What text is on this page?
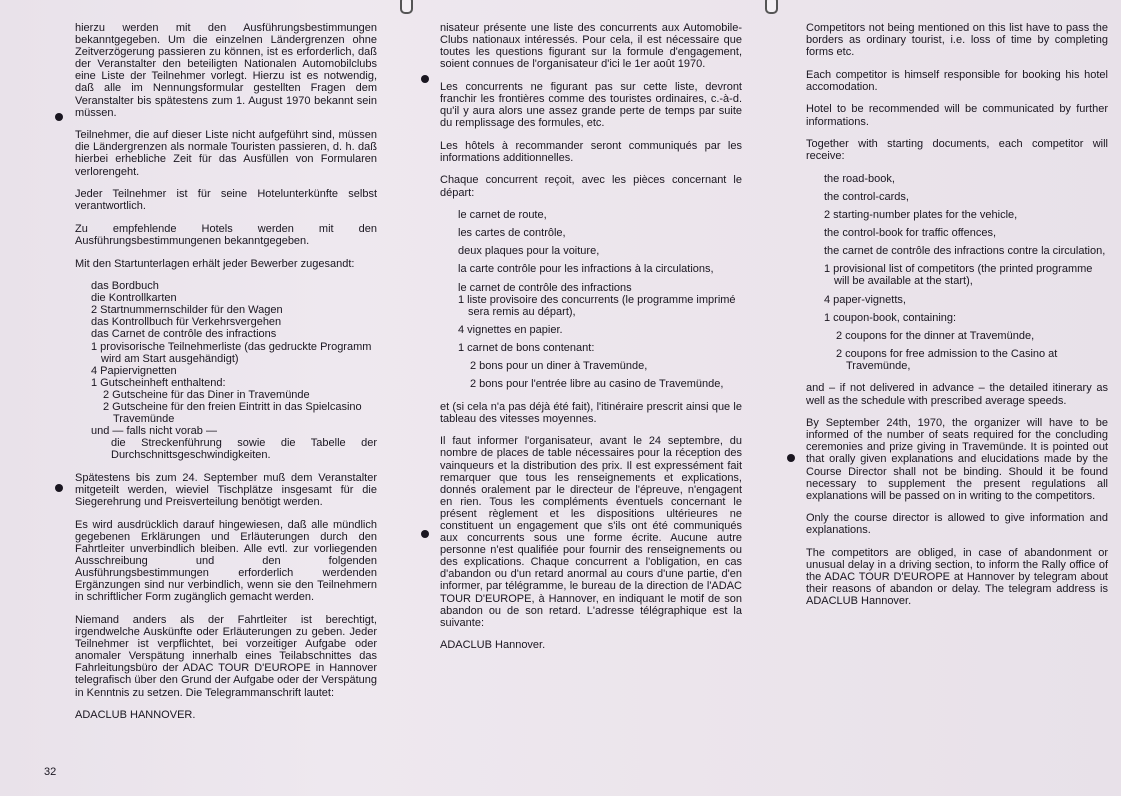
hierzu werden mit den Ausführungsbestimmungen bekanntgegeben. Um die einzelnen Ländergrenzen ohne Zeitverzögerung passieren zu können, ist es erforderlich, daß der Veranstalter den beteiligten Nationalen Automobilclubs eine Liste der Teilnehmer vorlegt. Hierzu ist es notwendig, daß alle im Nennungsformular gestellten Fragen dem Veranstalter bis spätestens zum 1. August 1970 bekannt sein müssen.

Teilnehmer, die auf dieser Liste nicht aufgeführt sind, müssen die Ländergrenzen als normale Touristen passieren, d. h. daß hierbei erhebliche Zeit für das Ausfüllen von Formularen verlorengeht.

Jeder Teilnehmer ist für seine Hotelunterkünfte selbst verantwortlich.

Zu empfehlende Hotels werden mit den Ausführungsbestimmungenen bekanntgegeben.

Mit den Startunterlagen erhält jeder Bewerber zugesandt:

das Bordbuch
die Kontrollkarten
2 Startnummernschilder für den Wagen
das Kontrollbuch für Verkehrsvergehen
das Carnet de contrôle des infractions
1 provisorische Teilnehmerliste (das gedruckte Programm wird am Start ausgehändigt)
4 Papiervignetten
1 Gutscheinheft enthaltend:
2 Gutscheine für das Diner in Travemünde
2 Gutscheine für den freien Eintritt in das Spielcasino Travemünde
und — falls nicht vorab —
die Streckenführung sowie die Tabelle der Durchschnittsgeschwindigkeiten.

Spätestens bis zum 24. September muß dem Veranstalter mitgeteilt werden, wieviel Tischplätze insgesamt für die Siegerehrung und Preisverteilung benötigt werden.

Es wird ausdrücklich darauf hingewiesen, daß alle mündlich gegebenen Erklärungen und Erläuterungen durch den Fahrtleiter unverbindlich bleiben. Alle evtl. zur vorliegenden Ausschreibung und den folgenden Ausführungsbestimmungen erforderlich werdenden Ergänzungen sind nur verbindlich, wenn sie den Teilnehmern in schriftlicher Form zugänglich gemacht werden.

Niemand anders als der Fahrtleiter ist berechtigt, irgendwelche Auskünfte oder Erläuterungen zu geben. Jeder Teilnehmer ist verpflichtet, bei vorzeitiger Aufgabe oder anomaler Verspätung innerhalb eines Teilabschnittes das Fahrleitungsbüro der ADAC TOUR D'EUROPE in Hannover telegrafisch über den Grund der Aufgabe oder der Verspätung in Kenntnis zu setzen. Die Telegrammanschrift lautet:

ADACLUB HANNOVER.

nisateur présente une liste des concurrents aux Automobile-Clubs nationaux intéressés. Pour cela, il est nécessaire que toutes les questions figurant sur la formule d'engagement, soient connues de l'organisateur d'ici le 1er août 1970.

Les concurrents ne figurant pas sur cette liste, devront franchir les frontières comme des touristes ordinaires, c.-à-d. qu'il y aura alors une assez grande perte de temps par suite du remplissage des formules, etc.

Les hôtels à recommander seront communiqués par les informations additionnelles.

Chaque concurrent reçoit, avec les pièces concernant le départ:

le carnet de route,
les cartes de contrôle,
deux plaques pour la voiture,
la carte contrôle pour les infractions à la circulations,
le carnet de contrôle des infractions
1 liste provisoire des concurrents (le programme imprimé sera remis au départ),
4 vignettes en papier.
1 carnet de bons contenant:
2 bons pour un diner à Travemünde,
2 bons pour l'entrée libre au casino de Travemünde,

et (si cela n'a pas déjà été fait), l'itinéraire prescrit ainsi que le tableau des vitesses moyennes.

Il faut informer l'organisateur, avant le 24 septembre, du nombre de places de table nécessaires pour la réception des vainqueurs et la distribution des prix. Il est expressément fait remarquer que tous les renseignements et explications, donnés oralement par le directeur de l'épreuve, n'engagent en rien. Tous les compléments éventuels concernant le présent règlement et les dispositions ultérieures ne constituent un engagement que s'ils ont été communiqués aux concurrents sous une forme écrite. Aucune autre personne n'est qualifiée pour fournir des renseignements ou des explications. Chaque concurrent a l'obligation, en cas d'abandon ou d'un retard anormal au cours d'une partie, d'en informer, par télégramme, le bureau de la direction de l'ADAC TOUR D'EUROPE, à Hannover, en indiquant le motif de son abandon ou de son retard. L'adresse télégraphique est la suivante:

ADACLUB Hannover.

Competitors not being mentioned on this list have to pass the borders as ordinary tourist, i.e. loss of time by completing forms etc.

Each competitor is himself responsible for booking his hotel accomodation.

Hotel to be recommended will be communicated by further informations.

Together with starting documents, each competitor will receive:

the road-book,
the control-cards,
2 starting-number plates for the vehicle,
the control-book for traffic offences,
the carnet de contrôle des infractions contre la circulation,
1 provisional list of competitors (the printed programme will be available at the start),
4 paper-vignetts,
1 coupon-book, containing:
2 coupons for the dinner at Travemünde,
2 coupons for free admission to the Casino at Travemünde,

and – if not delivered in advance – the detailed itinerary as well as the schedule with prescribed average speeds.

By September 24th, 1970, the organizer will have to be informed of the number of seats required for the concluding ceremonies and prize giving in Travemünde. It is pointed out that orally given explanations and elucidations made by the Course Director shall not be binding. Should it be found necessary to supplement the present regulations all explanations will be passed on in writing to the competitors.

Only the course director is allowed to give information and explanations.

The competitors are obliged, in case of abandonment or unusual delay in a driving section, to inform the Rally office of the ADAC TOUR D'EUROPE at Hannover by telegram about their reasons of abandon or delay. The telegram address is ADACLUB Hannover.

32
